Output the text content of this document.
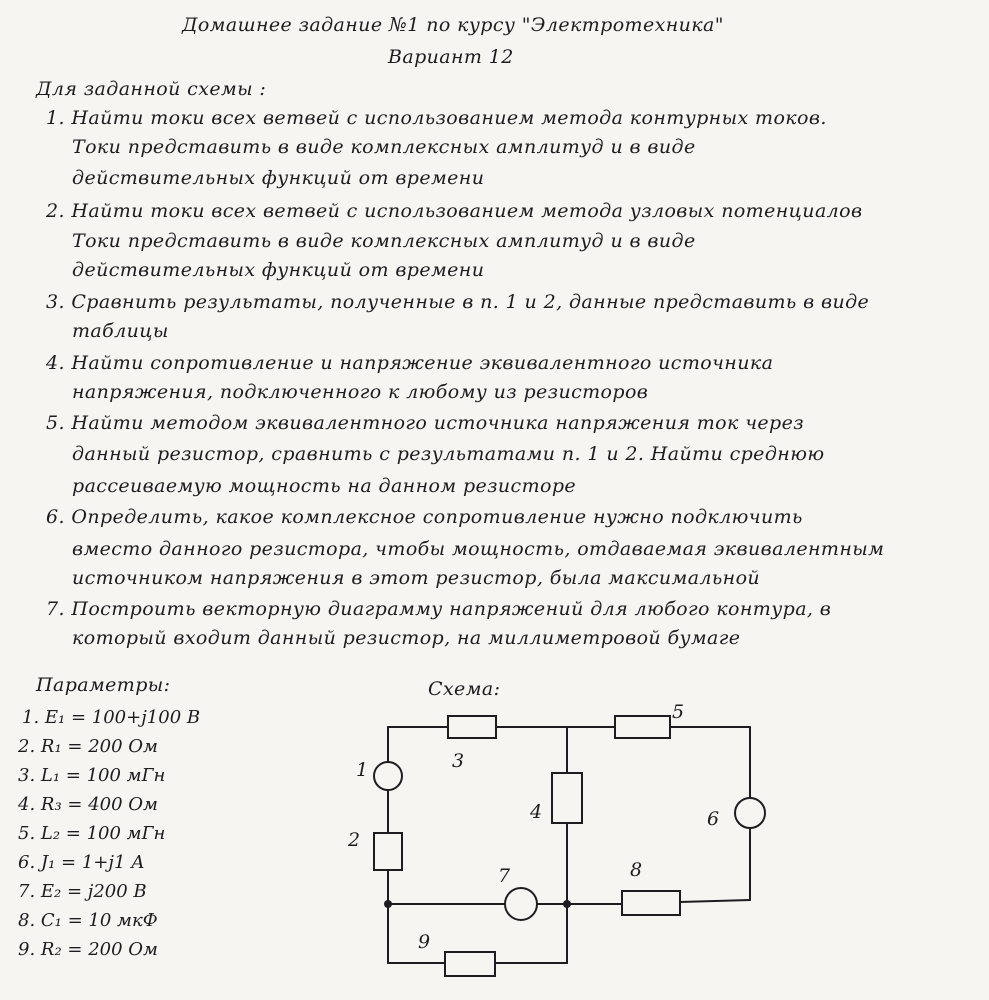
Домашнее задание №1 по курсу "Электротехника"
Вариант 12
Для заданной схемы :
1. Найти токи всех ветвей с использованием метода контурных токов.
Токи представить в виде комплексных амплитуд и в виде
действительных функций от времени
2. Найти токи всех ветвей с использованием метода узловых потенциалов
Токи представить в виде комплексных амплитуд и в виде
действительных функций от времени
3. Сравнить результаты, полученные в п. 1 и 2, данные представить в виде
таблицы
4. Найти сопротивление и напряжение эквивалентного источника
напряжения, подключенного к любому из резисторов
5. Найти методом эквивалентного источника напряжения ток через
данный резистор, сравнить с результатами п. 1 и 2. Найти среднюю
рассеиваемую мощность на данном резисторе
6. Определить, какое комплексное сопротивление нужно подключить
вместо данного резистора, чтобы мощность, отдаваемая эквивалентным
источником напряжения в этот резистор, была максимальной
7. Построить векторную диаграмму напряжений для любого контура, в
который входит данный резистор, на миллиметровой бумаге
Параметры:
1. E₁ = 100+j100 В
2. R₁ = 200 Ом
3. L₁ = 100 мГн
4. R₃ = 400 Ом
5. L₂ = 100 мГн
6. J₁ = 1+j1 А
7. E₂ = j200 В
8. C₁ = 10 мкФ
9. R₂ = 200 Ом
Схема:
1
2
3
4
5
6
7	8
9
